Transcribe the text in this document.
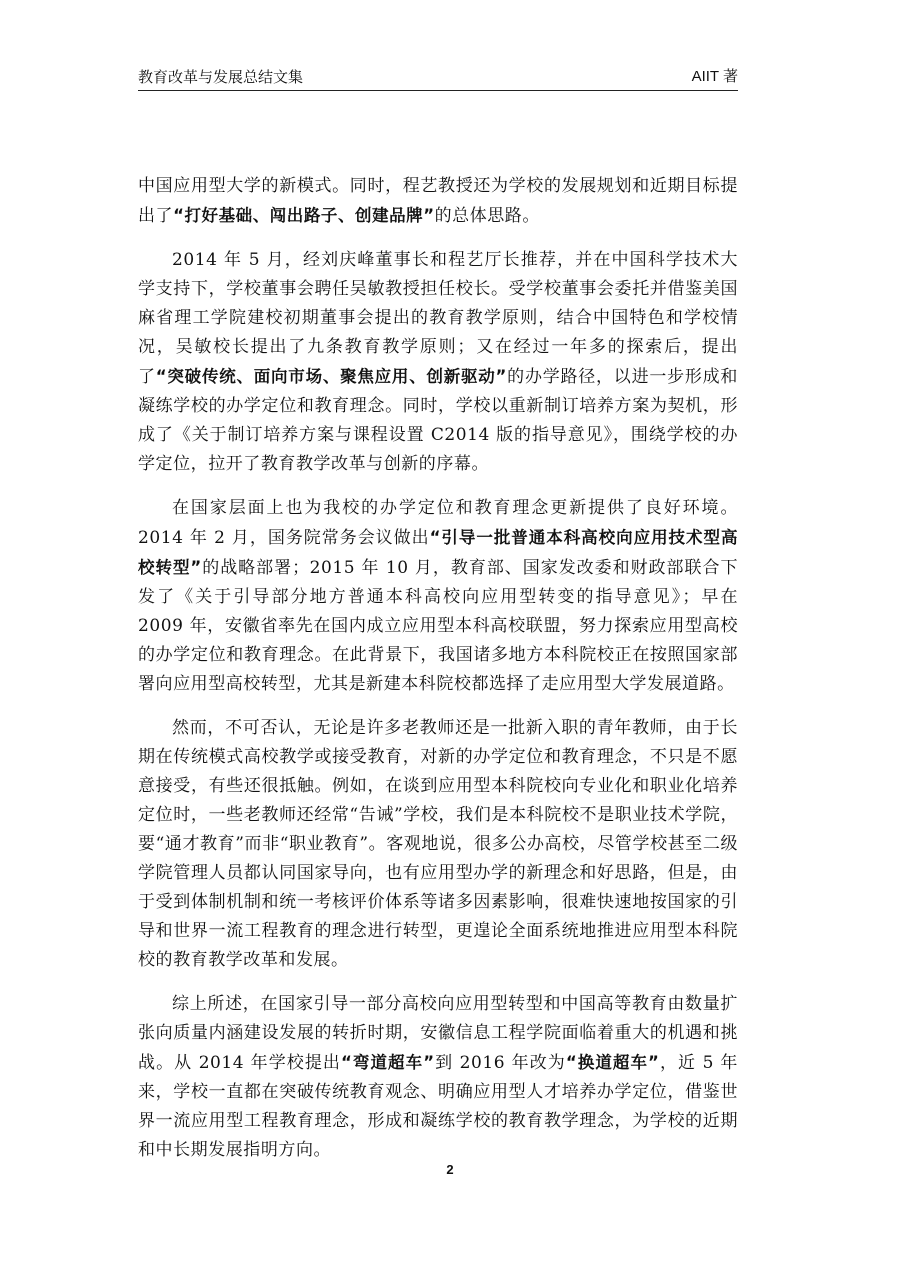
教育改革与发展总结文集	AIIT 著

中国应用型大学的新模式。同时，程艺教授还为学校的发展规划和近期目标提出了“打好基础、闯出路子、创建品牌”的总体思路。

2014 年 5 月，经刘庆峰董事长和程艺厅长推荐，并在中国科学技术大学支持下，学校董事会聘任吴敏教授担任校长。受学校董事会委托并借鉴美国麻省理工学院建校初期董事会提出的教育教学原则，结合中国特色和学校情况，吴敏校长提出了九条教育教学原则；又在经过一年多的探索后，提出了“突破传统、面向市场、聚焦应用、创新驱动”的办学路径，以进一步形成和凝练学校的办学定位和教育理念。同时，学校以重新制订培养方案为契机，形成了《关于制订培养方案与课程设置 C2014 版的指导意见》，围绕学校的办学定位，拉开了教育教学改革与创新的序幕。

在国家层面上也为我校的办学定位和教育理念更新提供了良好环境。2014 年 2 月，国务院常务会议做出“引导一批普通本科高校向应用技术型高校转型”的战略部署；2015 年 10 月，教育部、国家发改委和财政部联合下发了《关于引导部分地方普通本科高校向应用型转变的指导意见》；早在 2009 年，安徽省率先在国内成立应用型本科高校联盟，努力探索应用型高校的办学定位和教育理念。在此背景下，我国诸多地方本科院校正在按照国家部署向应用型高校转型，尤其是新建本科院校都选择了走应用型大学发展道路。

然而，不可否认，无论是许多老教师还是一批新入职的青年教师，由于长期在传统模式高校教学或接受教育，对新的办学定位和教育理念，不只是不愿意接受，有些还很抵触。例如，在谈到应用型本科院校向专业化和职业化培养定位时，一些老教师还经常“告诫”学校，我们是本科院校不是职业技术学院，要“通才教育”而非“职业教育”。客观地说，很多公办高校，尽管学校甚至二级学院管理人员都认同国家导向，也有应用型办学的新理念和好思路，但是，由于受到体制机制和统一考核评价体系等诸多因素影响，很难快速地按国家的引导和世界一流工程教育的理念进行转型，更遑论全面系统地推进应用型本科院校的教育教学改革和发展。

综上所述，在国家引导一部分高校向应用型转型和中国高等教育由数量扩张向质量内涵建设发展的转折时期，安徽信息工程学院面临着重大的机遇和挑战。从 2014 年学校提出“弯道超车”到 2016 年改为“换道超车”，近 5 年来，学校一直都在突破传统教育观念、明确应用型人才培养办学定位，借鉴世界一流应用型工程教育理念，形成和凝练学校的教育教学理念，为学校的近期和中长期发展指明方向。

2
